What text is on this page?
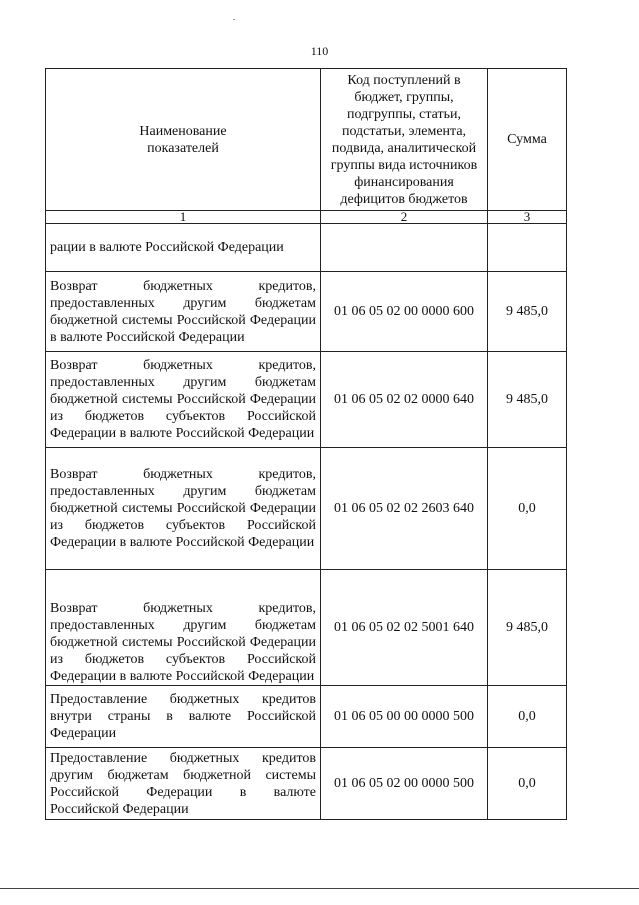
110
Наименование показателей	Код поступлений в бюджет, группы, подгруппы, статьи, подстатьи, элемента, подвида, аналитической группы вида источников финансирования дефицитов бюджетов	Сумма
1	2	3
рации в валюте Российской Федерации		
Возврат бюджетных кредитов, предоставленных другим бюджетам бюджетной системы Российской Федерации в валюте Российской Федерации	01 06 05 02 00 0000 600	9 485,0
Возврат бюджетных кредитов, предоставленных другим бюджетам бюджетной системы Российской Федерации из бюджетов субъектов Российской Федерации в валюте Российской Федерации	01 06 05 02 02 0000 640	9 485,0
Возврат бюджетных кредитов, предоставленных другим бюджетам бюджетной системы Российской Федерации из бюджетов субъектов Российской Федерации в валюте Российской Федерации	01 06 05 02 02 2603 640	0,0
Возврат бюджетных кредитов, предоставленных другим бюджетам бюджетной системы Российской Федерации из бюджетов субъектов Российской Федерации в валюте Российской Федерации	01 06 05 02 02 5001 640	9 485,0
Предоставление бюджетных кредитов внутри страны в валюте Российской Федерации	01 06 05 00 00 0000 500	0,0
Предоставление бюджетных кредитов другим бюджетам бюджетной системы Российской Федерации в валюте Российской Федерации	01 06 05 02 00 0000 500	0,0
